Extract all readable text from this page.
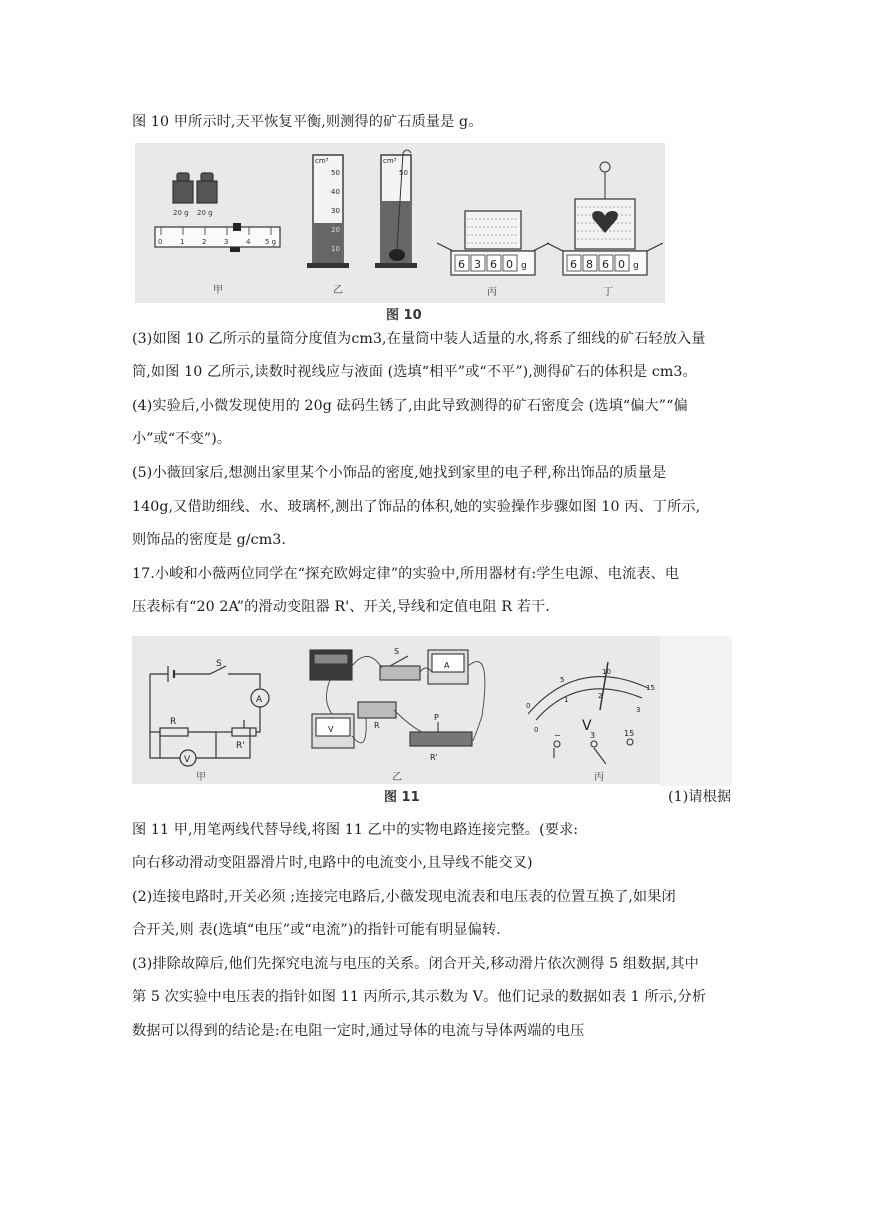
图 10 甲所示时,天平恢复平衡,则测得的矿石质量是 g。
20 g 20 g
0	1	2	3	4 5 g
甲
cm³
50
40
30
20
10
乙
cm³
50
6 3 6 0 g
丙
6 8 6 0 g
丁
图 10
(3)如图 10 乙所示的量筒分度值为cm3,在量筒中装人适量的水,将系了细线的矿石轻放入量
筒,如图 10 乙所示,读数时视线应与液面 (选填“相平”或“不平”),测得矿石的体积是 cm3。
(4)实验后,小微发现使用的 20g 砝码生锈了,由此导致测得的矿石密度会 (选填“偏大”“偏
小”或“不变”)。
(5)小薇回家后,想测出家里某个小饰品的密度,她找到家里的电子秤,称出饰品的质量是
140g,又借助细线、水、玻璃杯,测出了饰品的体积,她的实验操作步骤如图 10 丙、丁所示,
则饰品的密度是 g/cm3.
17.小峻和小薇两位同学在“探充欧姆定律”的实验中,所用器材有:学生电源、电流表、电
压表标有“20 2A”的滑动变阻器 R'、开关,导线和定值电阻 R 若干.
S
A
R
V
R'
甲
S
A
V	R
P
R'
乙
0
5
10
15
0
1	2
3
V
−	3	15
丙
图 11	(1)请根据
图 11 甲,用笔两线代替导线,将图 11 乙中的实物电路连接完整。(要求:
向右移动滑动变阻器滑片时,电路中的电流变小,且导线不能交叉)
(2)连接电路时,开关必须 ;连接完电路后,小薇发现电流表和电压表的位置互换了,如果闭
合开关,则 表(选填“电压”或“电流”)的指针可能有明显偏转.
(3)排除故障后,他们先探究电流与电压的关系。闭合开关,移动滑片依次测得 5 组数据,其中
第 5 次实验中电压表的指针如图 11 丙所示,其示数为 V。他们记录的数据如表 1 所示,分析
数据可以得到的结论是:在电阻一定时,通过导体的电流与导体两端的电压
